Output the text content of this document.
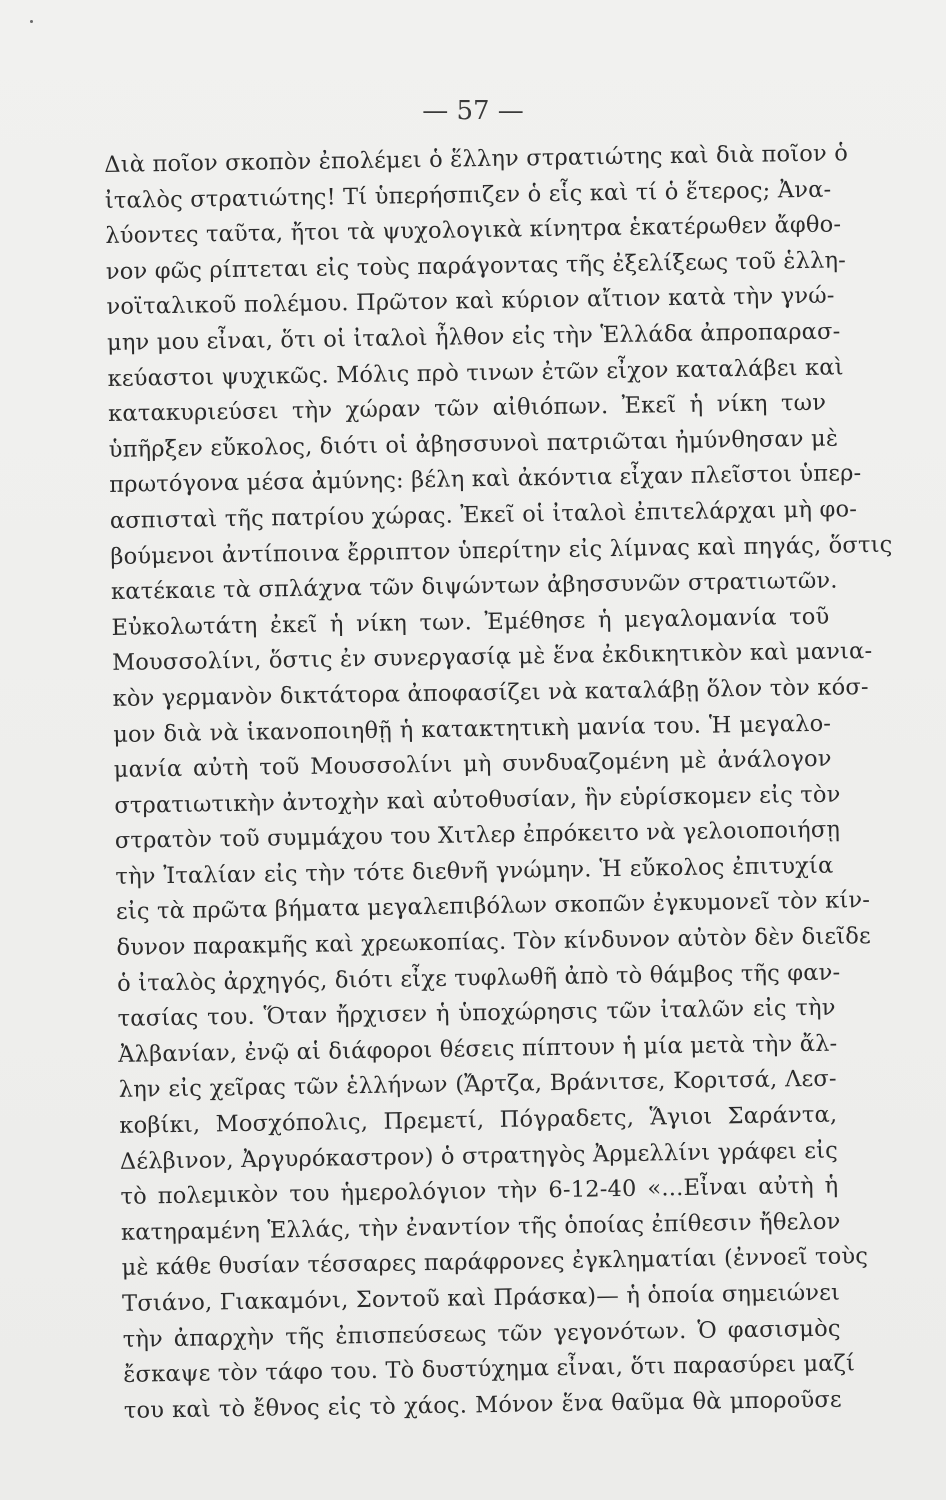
— 57 —
Διὰ ποῖον σκοπὸν ἐπολέμει ὁ ἕλλην στρατιώτης καὶ διὰ ποῖον ὁ
ἰταλὸς στρατιώτης! Τί ὑπερήσπιζεν ὁ εἷς καὶ τί ὁ ἕτερος; Ἀνα-
λύοντες ταῦτα, ἤτοι τὰ ψυχολογικὰ κίνητρα ἑκατέρωθεν ἄφθο-
νον φῶς ρίπτεται εἰς τοὺς παράγοντας τῆς ἐξελίξεως τοῦ ἑλλη-
νοϊταλικοῦ πολέμου. Πρῶτον καὶ κύριον αἴτιον κατὰ τὴν γνώ-
μην μου εἶναι, ὅτι οἱ ἰταλοὶ ἦλθον εἰς τὴν Ἑλλάδα ἀπροπαρασ-
κεύαστοι ψυχικῶς. Μόλις πρὸ τινων ἐτῶν εἶχον καταλάβει καὶ
κατακυριεύσει τὴν χώραν τῶν αἰθιόπων. Ἐκεῖ ἡ νίκη των
ὑπῆρξεν εὔκολος, διότι οἱ ἀβησσυνοὶ πατριῶται ἠμύνθησαν μὲ
πρωτόγονα μέσα ἀμύνης: βέλη καὶ ἀκόντια εἶχαν πλεῖστοι ὑπερ-
ασπισταὶ τῆς πατρίου χώρας. Ἐκεῖ οἱ ἰταλοὶ ἐπιτελάρχαι μὴ φο-
βούμενοι ἀντίποινα ἔρριπτον ὑπερίτην εἰς λίμνας καὶ πηγάς, ὅστις
κατέκαιε τὰ σπλάχνα τῶν διψώντων ἀβησσυνῶν στρατιωτῶν.
Εὐκολωτάτη ἐκεῖ ἡ νίκη των. Ἐμέθησε ἡ μεγαλομανία τοῦ
Μουσσολίνι, ὅστις ἐν συνεργασίᾳ μὲ ἕνα ἐκδικητικὸν καὶ μανια-
κὸν γερμανὸν δικτάτορα ἀποφασίζει νὰ καταλάβῃ ὅλον τὸν κόσ-
μον διὰ νὰ ἱκανοποιηθῇ ἡ κατακτητικὴ μανία του. Ἡ μεγαλο-
μανία αὐτὴ τοῦ Μουσσολίνι μὴ συνδυαζομένη μὲ ἀνάλογον
στρατιωτικὴν ἀντοχὴν καὶ αὐτοθυσίαν, ἣν εὑρίσκομεν εἰς τὸν
στρατὸν τοῦ συμμάχου του Χιτλερ ἐπρόκειτο νὰ γελοιοποιήσῃ
τὴν Ἰταλίαν εἰς τὴν τότε διεθνῆ γνώμην. Ἡ εὔκολος ἐπιτυχία
εἰς τὰ πρῶτα βήματα μεγαλεπιβόλων σκοπῶν ἐγκυμονεῖ τὸν κίν-
δυνον παρακμῆς καὶ χρεωκοπίας. Τὸν κίνδυνον αὐτὸν δὲν διεῖδε
ὁ ἰταλὸς ἀρχηγός, διότι εἶχε τυφλωθῆ ἀπὸ τὸ θάμβος τῆς φαν-
τασίας του. Ὅταν ἤρχισεν ἡ ὑποχώρησις τῶν ἰταλῶν εἰς τὴν
Ἀλβανίαν, ἐνῷ αἱ διάφοροι θέσεις πίπτουν ἡ μία μετὰ τὴν ἄλ-
λην εἰς χεῖρας τῶν ἑλλήνων (Ἄρτζα, Βράνιτσε, Κοριτσά, Λεσ-
κοβίκι, Μοσχόπολις, Πρεμετί, Πόγραδετς, Ἅγιοι Σαράντα,
Δέλβινον, Ἀργυρόκαστρον) ὁ στρατηγὸς Ἀρμελλίνι γράφει εἰς
τὸ πολεμικὸν του ἡμερολόγιον τὴν 6-12-40 «...Εἶναι αὐτὴ ἡ
κατηραμένη Ἑλλάς, τὴν ἐναντίον τῆς ὁποίας ἐπίθεσιν ἤθελον
μὲ κάθε θυσίαν τέσσαρες παράφρονες ἐγκληματίαι (ἐννοεῖ τοὺς
Τσιάνο, Γιακαμόνι, Σοντοῦ καὶ Πράσκα)— ἡ ὁποία σημειώνει
τὴν ἀπαρχὴν τῆς ἐπισπεύσεως τῶν γεγονότων. Ὁ φασισμὸς
ἔσκαψε τὸν τάφο του. Τὸ δυστύχημα εἶναι, ὅτι παρασύρει μαζί
του καὶ τὸ ἔθνος εἰς τὸ χάος. Μόνον ἕνα θαῦμα θὰ μποροῦσε
